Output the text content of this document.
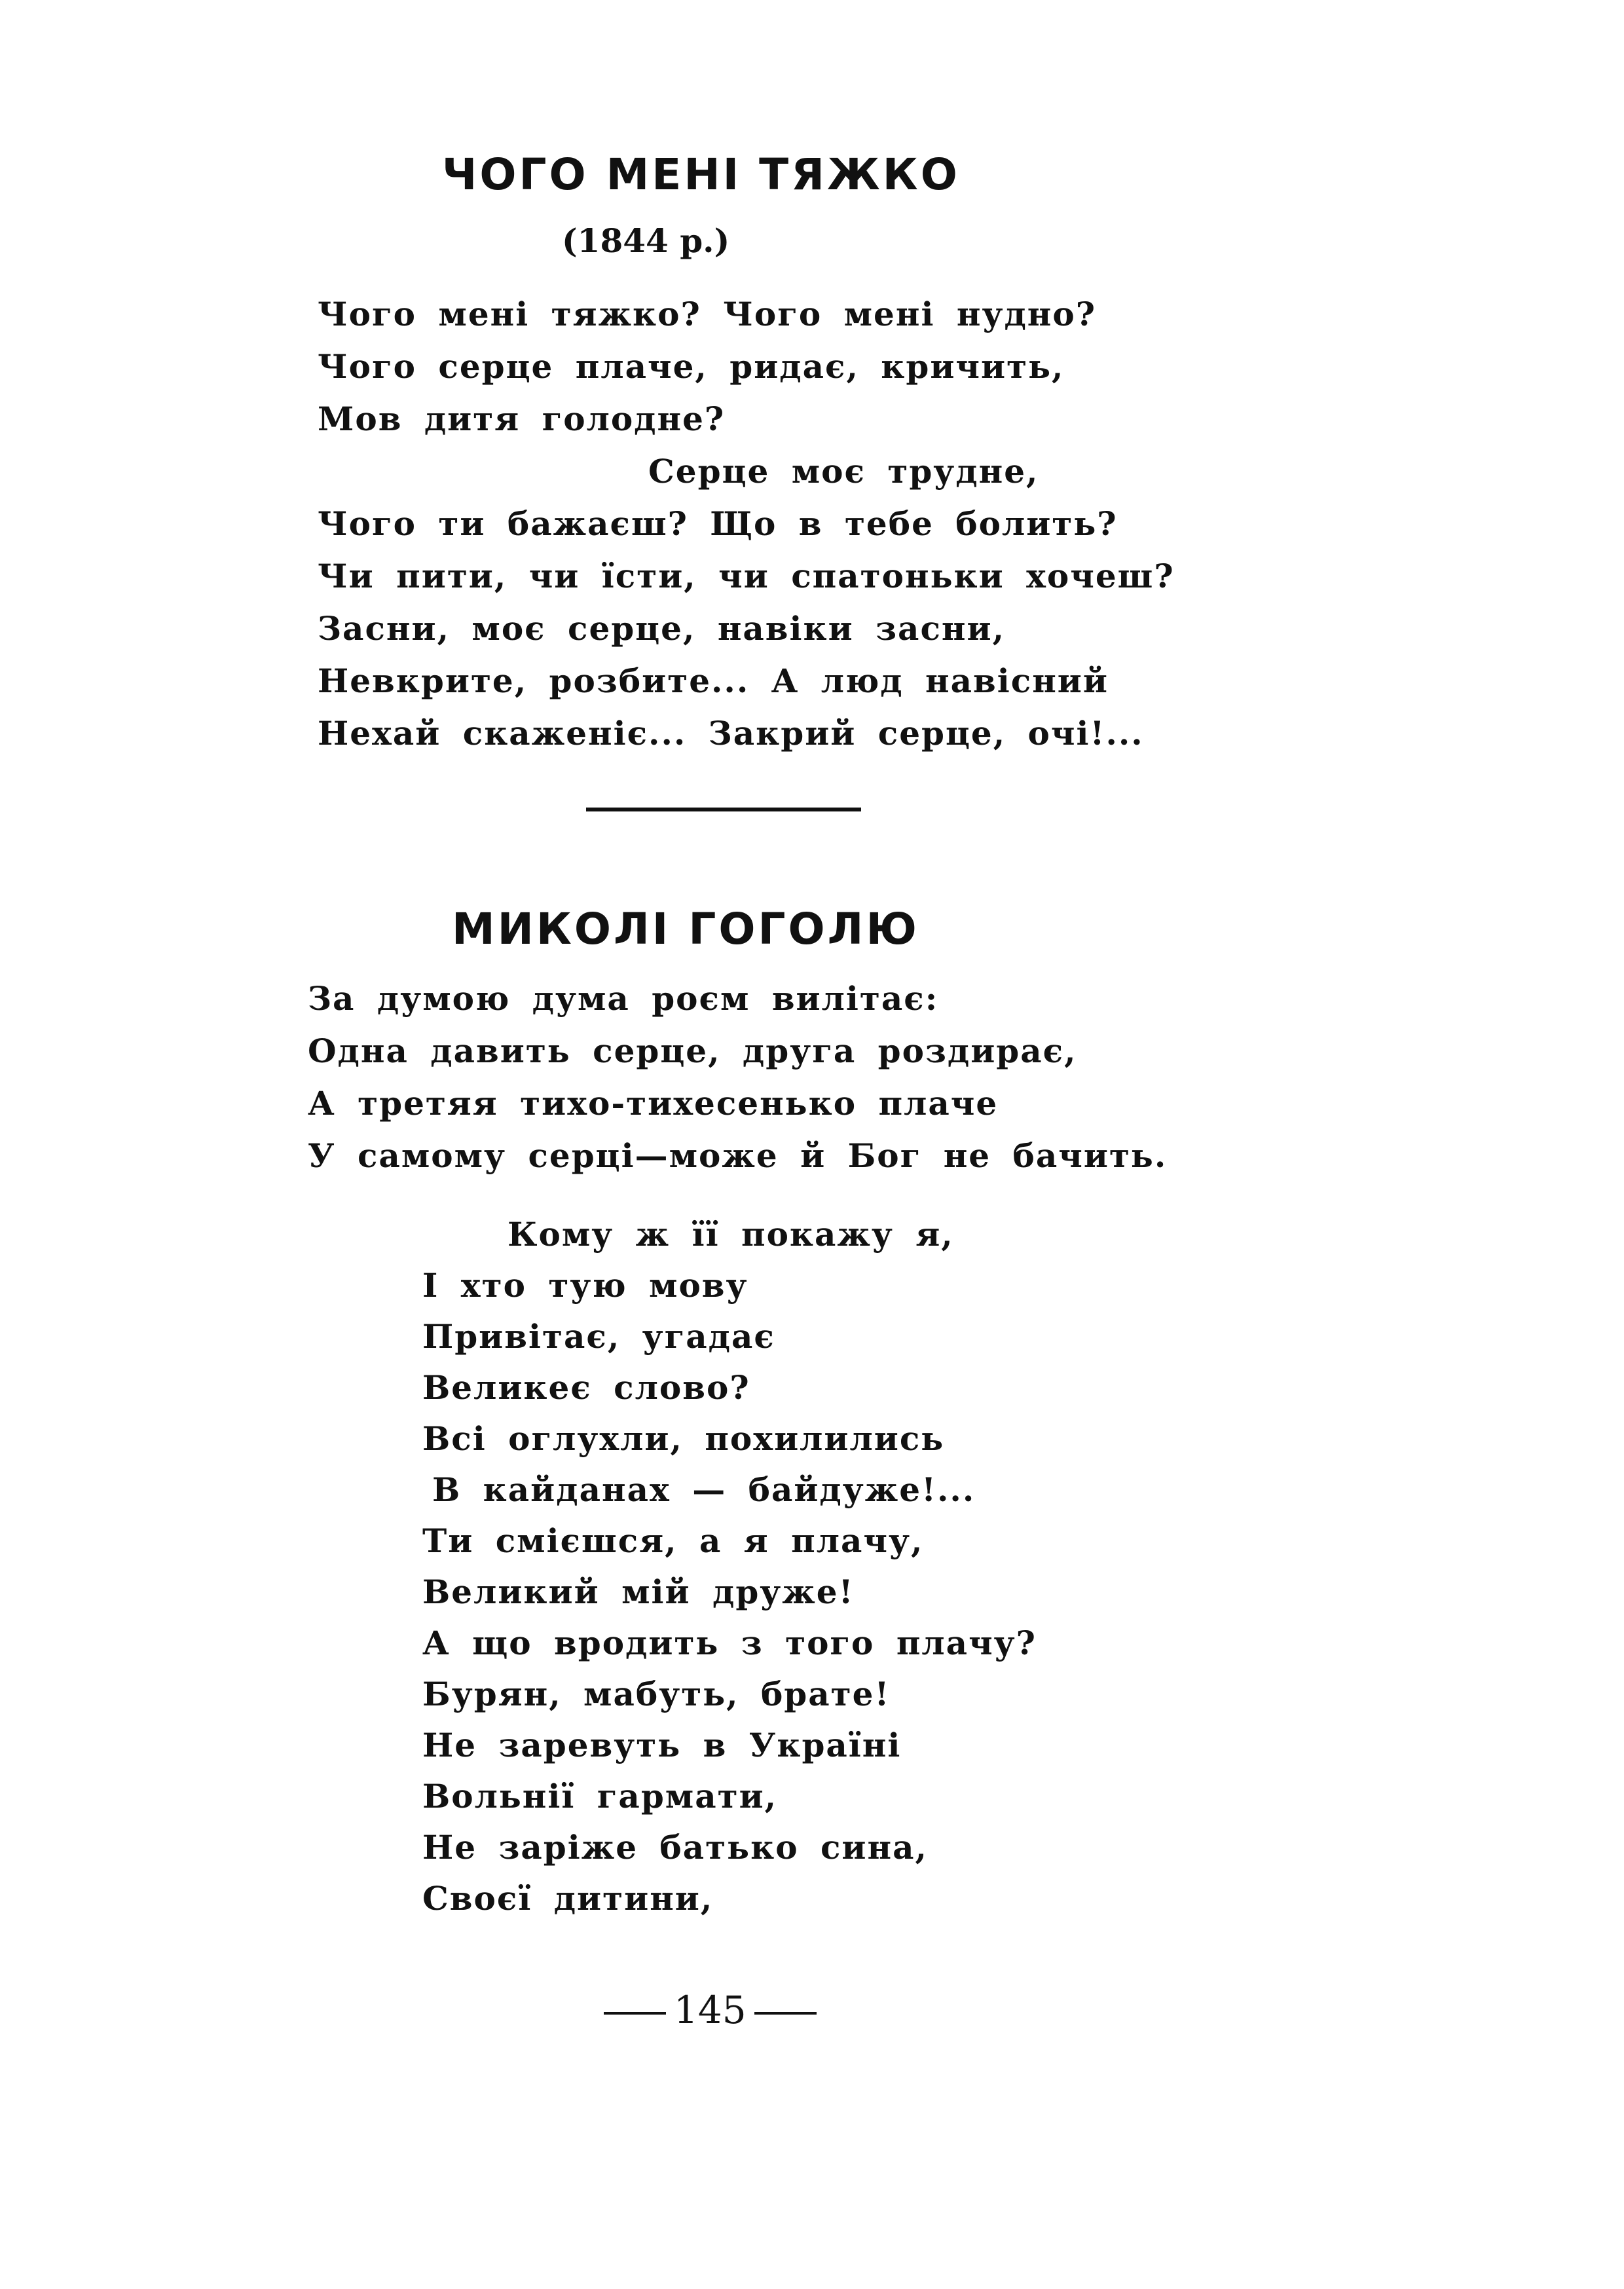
ЧОГО МЕНІ ТЯЖКО
(1844 р.)

Чого мені тяжко? Чого мені нудно?

Чого серце плаче, ридає, кричить,

Мов дитя голодне?

Серце моє трудне,

Чого ти бажаєш? Що в тебе болить?

Чи пити, чи їсти, чи спатоньки хочеш?

Засни, моє серце, навіки засни,

Невкрите, розбите... А люд навісний

Нехай скаженіє... Закрий серце, очі!...

МИКОЛІ ГОГОЛЮ

За думою дума роєм вилітає:

Одна давить серце, друга роздирає,

А третяя тихо-тихесенько плаче

У самому серці—може й Бог не бачить.

Кому ж її покажу я,

І хто тую мову

Привітає, угадає

Великеє слово?

Всі оглухли, похилились

В кайданах — байдуже!...

Ти смієшся, а я плачу,

Великий мій друже!

А що вродить з того плачу?

Бурян, мабуть, брате!

Не заревуть в Україні

Вольнії гармати,

Не заріже батько сина,

Своєї дитини,

145
